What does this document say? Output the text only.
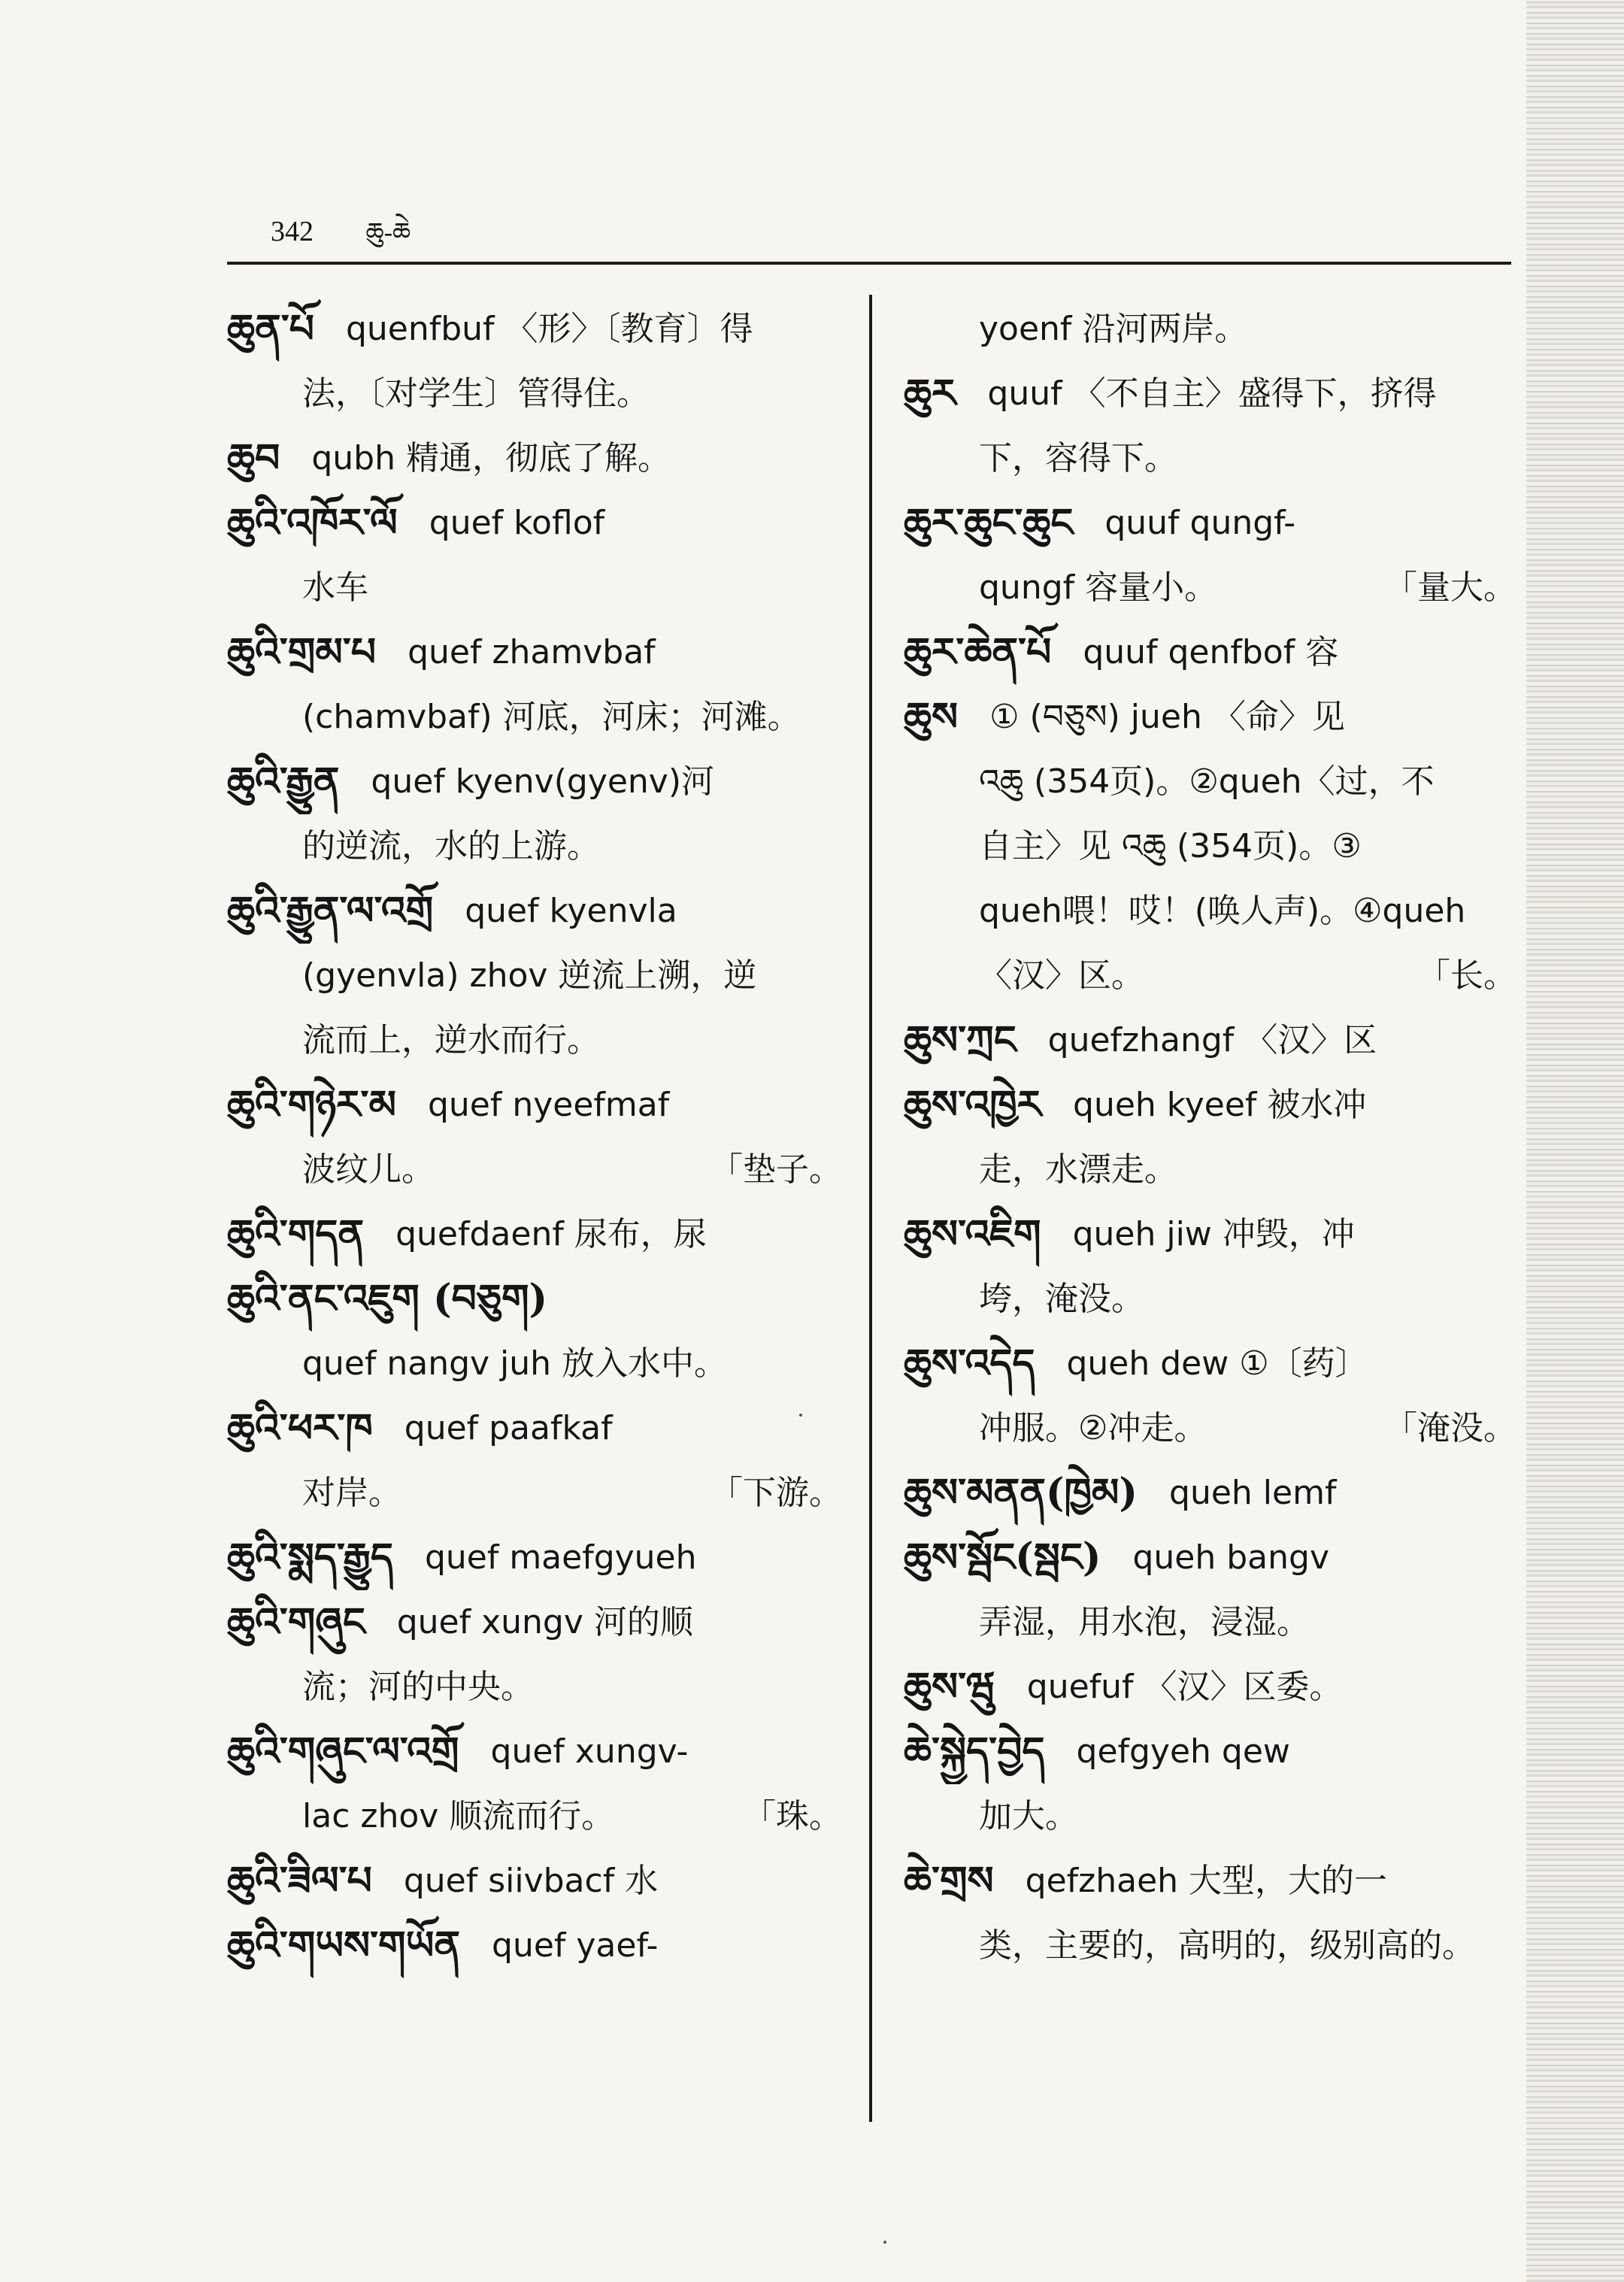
342 ཆུ-ཆེ
ཆུན་པོ quenfbuf 〈形〉〔教育〕得
法，〔对学生〕管得住。
ཆུབ qubh 精通，彻底了解。
ཆུའི་འཁོར་ལོ quef koflof
水车
ཆུའི་གྲམ་པ quef zhamvbaf
(chamvbaf) 河底，河床；河滩。
ཆུའི་རྒྱུན quef kyenv(gyenv)河
的逆流，水的上游。
ཆུའི་རྒྱུན་ལ་འགྲོ quef kyenvla
(gyenvla) zhov 逆流上溯，逆
流而上，逆水而行。
ཆུའི་གཉེར་མ quef nyeefmaf
波纹儿。	「垫子。
ཆུའི་གདན quefdaenf 尿布，尿
ཆུའི་ནང་འཇུག (བཅུག)
quef nangv juh 放入水中。
ཆུའི་ཕར་ཁ quef paafkaf
对岸。	「下游。
ཆུའི་སྨད་རྒྱུད quef maefgyueh
ཆུའི་གཞུང quef xungv 河的顺
流；河的中央。
ཆུའི་གཞུང་ལ་འགྲོ quef xungv-
lac zhov 顺流而行。	「珠。
ཆུའི་ཟིལ་པ quef siivbacf 水
ཆུའི་གཡས་གཡོན quef yaef-
yoenf 沿河两岸。
ཆུར quuf 〈不自主〉盛得下，挤得
下，容得下。
ཆུར་ཆུང་ཆུང quuf qungf-
qungf 容量小。	「量大。
ཆུར་ཆེན་པོ quuf qenfbof 容
ཆུས ① (བཅུས) jueh 〈命〉见
འཆུ (354页)。②queh〈过，不
自主〉见 འཆུ (354页)。③
queh喂！哎！(唤人声)。④queh
〈汉〉区。	「长。
ཆུས་ཀྲང quefzhangf 〈汉〉区
ཆུས་འཁྱེར queh kyeef 被水冲
走，水漂走。
ཆུས་འཇིག queh jiw 冲毁，冲
垮，淹没。
ཆུས་འདེད queh dew ①〔药〕
冲服。②冲走。	「淹没。
ཆུས་མནན(ཁྱེམ) queh lemf
ཆུས་སྦོང(སྦང) queh bangv
弄湿，用水泡，浸湿。
ཆུས་ཝུ quefuf 〈汉〉区委。
ཆེ་སྐྱེད་བྱེད qefgyeh qew
加大。
ཆེ་གྲས qefzhaeh 大型，大的一
类，主要的，高明的，级别高的。
